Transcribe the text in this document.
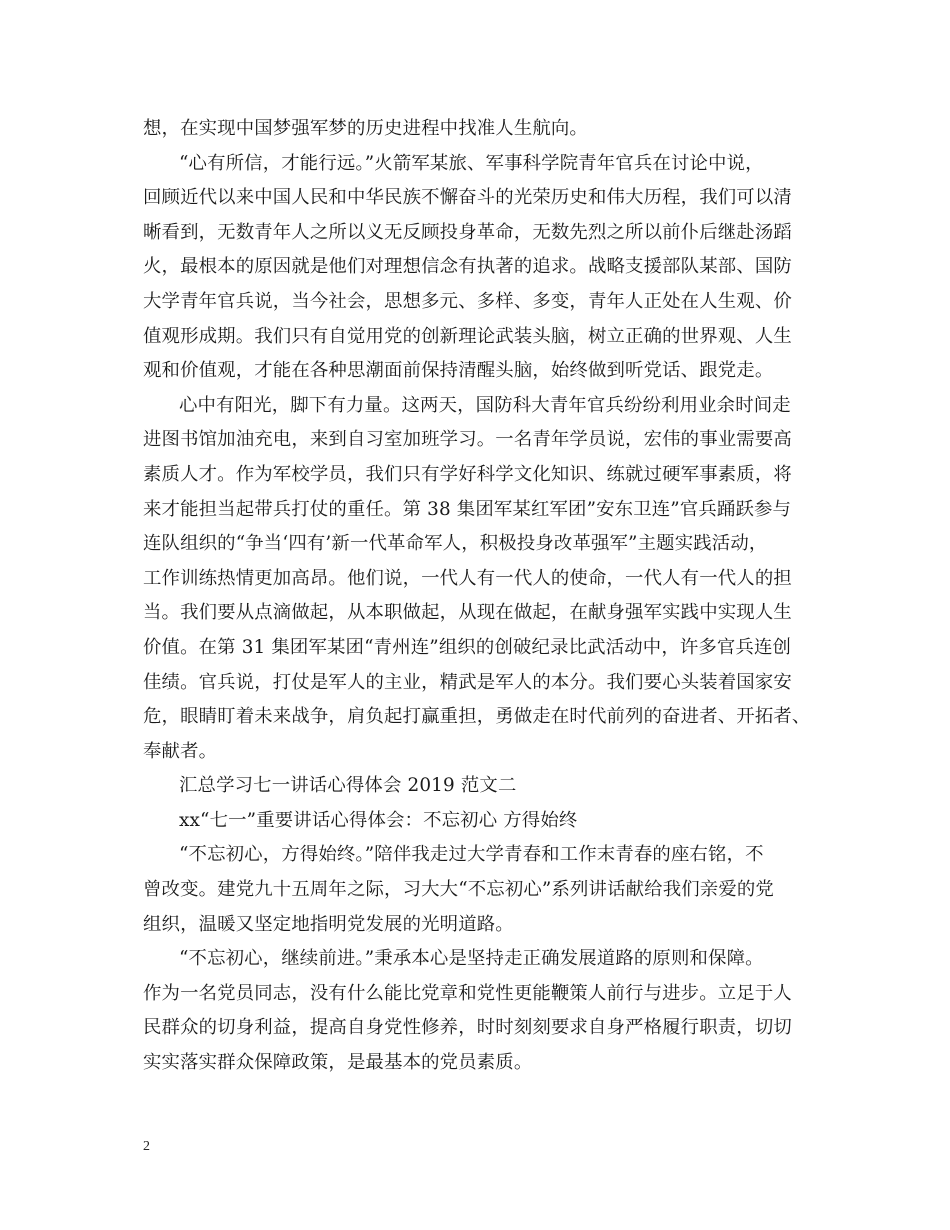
想，在实现中国梦强军梦的历史进程中找准人生航向。

“心有所信，才能行远。”火箭军某旅、军事科学院青年官兵在讨论中说，

回顾近代以来中国人民和中华民族不懈奋斗的光荣历史和伟大历程，我们可以清

晰看到，无数青年人之所以义无反顾投身革命，无数先烈之所以前仆后继赴汤蹈

火，最根本的原因就是他们对理想信念有执著的追求。战略支援部队某部、国防

大学青年官兵说，当今社会，思想多元、多样、多变，青年人正处在人生观、价

值观形成期。我们只有自觉用党的创新理论武装头脑，树立正确的世界观、人生

观和价值观，才能在各种思潮面前保持清醒头脑，始终做到听党话、跟党走。

心中有阳光，脚下有力量。这两天，国防科大青年官兵纷纷利用业余时间走

进图书馆加油充电，来到自习室加班学习。一名青年学员说，宏伟的事业需要高

素质人才。作为军校学员，我们只有学好科学文化知识、练就过硬军事素质，将

来才能担当起带兵打仗的重任。第 38 集团军某红军团”安东卫连”官兵踊跃参与

连队组织的“争当‘四有’新一代革命军人，积极投身改革强军”主题实践活动，

工作训练热情更加高昂。他们说，一代人有一代人的使命，一代人有一代人的担

当。我们要从点滴做起，从本职做起，从现在做起，在献身强军实践中实现人生

价值。在第 31 集团军某团“青州连”组织的创破纪录比武活动中，许多官兵连创

佳绩。官兵说，打仗是军人的主业，精武是军人的本分。我们要心头装着国家安

危，眼睛盯着未来战争，肩负起打赢重担，勇做走在时代前列的奋进者、开拓者、

奉献者。

汇总学习七一讲话心得体会 2019 范文二

xx“七一”重要讲话心得体会：不忘初心 方得始终

“不忘初心，方得始终。”陪伴我走过大学青春和工作末青春的座右铭，不

曾改变。建党九十五周年之际，习大大“不忘初心”系列讲话献给我们亲爱的党

组织，温暖又坚定地指明党发展的光明道路。

“不忘初心，继续前进。”秉承本心是坚持走正确发展道路的原则和保障。

作为一名党员同志，没有什么能比党章和党性更能鞭策人前行与进步。立足于人

民群众的切身利益，提高自身党性修养，时时刻刻要求自身严格履行职责，切切

实实落实群众保障政策，是最基本的党员素质。

2
